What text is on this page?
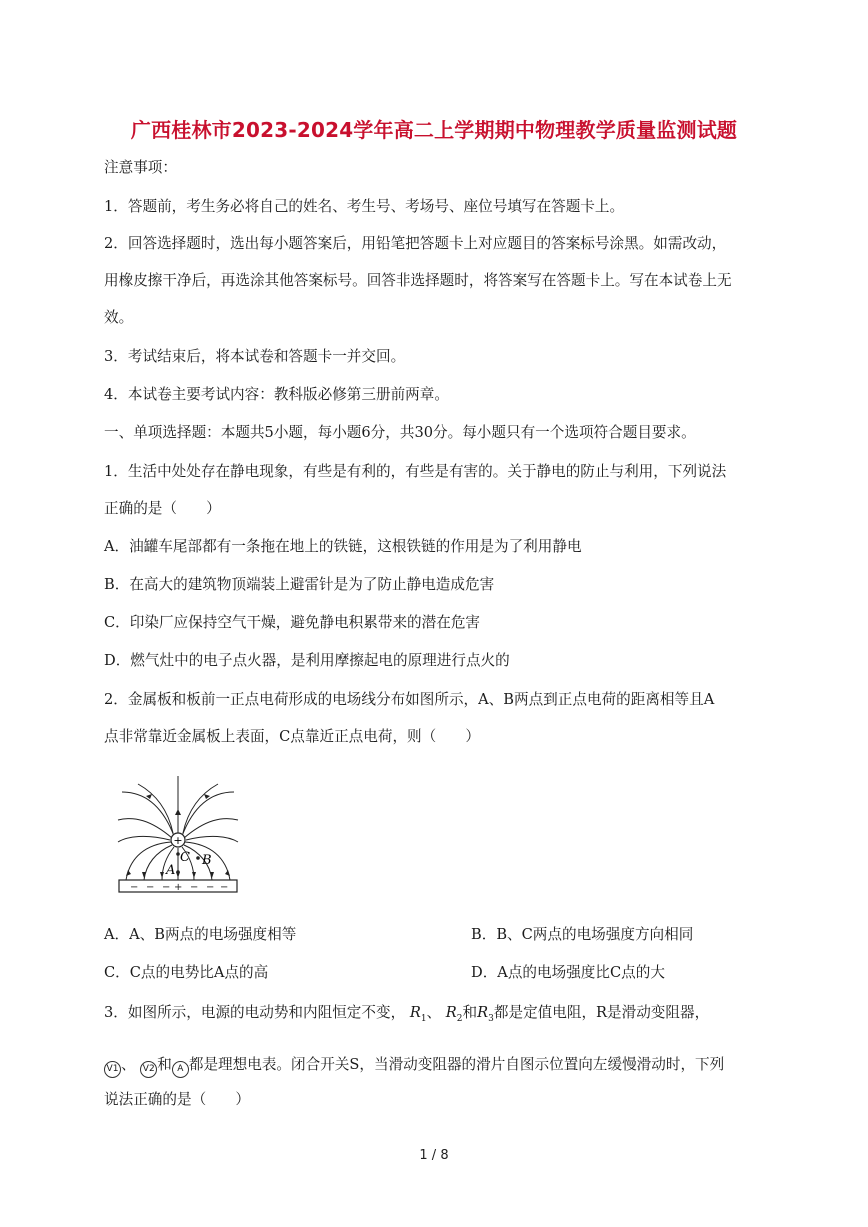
广西桂林市2023-2024学年高二上学期期中物理教学质量监测试题
注意事项：
1．答题前，考生务必将自己的姓名、考生号、考场号、座位号填写在答题卡上。
2．回答选择题时，选出每小题答案后，用铅笔把答题卡上对应题目的答案标号涂黑。如需改动，
用橡皮擦干净后，再选涂其他答案标号。回答非选择题时，将答案写在答题卡上。写在本试卷上无
效。
3．考试结束后，将本试卷和答题卡一并交回。
4．本试卷主要考试内容：教科版必修第三册前两章。
一、单项选择题：本题共5小题，每小题6分，共30分。每小题只有一个选项符合题目要求。
1．生活中处处存在静电现象，有些是有利的，有些是有害的。关于静电的防止与利用，下列说法
正确的是（　　）
A．油罐车尾部都有一条拖在地上的铁链，这根铁链的作用是为了利用静电
B．在高大的建筑物顶端装上避雷针是为了防止静电造成危害
C．印染厂应保持空气干燥，避免静电积累带来的潜在危害
D．燃气灶中的电子点火器，是利用摩擦起电的原理进行点火的
2．金属板和板前一正点电荷形成的电场线分布如图所示，A、B两点到正点电荷的距离相等且A
点非常靠近金属板上表面，C点靠近正点电荷，则（　　）
+
A
C B
− − − + − − −
A．A、B两点的电场强度相等	B．B、C两点的电场强度方向相同
C．C点的电势比A点的高	D．A点的电场强度比C点的大
3．如图所示，电源的电动势和内阻恒定不变， $R_1$、 $R_2$和$R_3$都是定值电阻，R是滑动变阻器，
V1 、 V2 和 A 都是理想电表。闭合开关S，当滑动变阻器的滑片自图示位置向左缓慢滑动时，下列
说法正确的是（　　）
1 / 8
